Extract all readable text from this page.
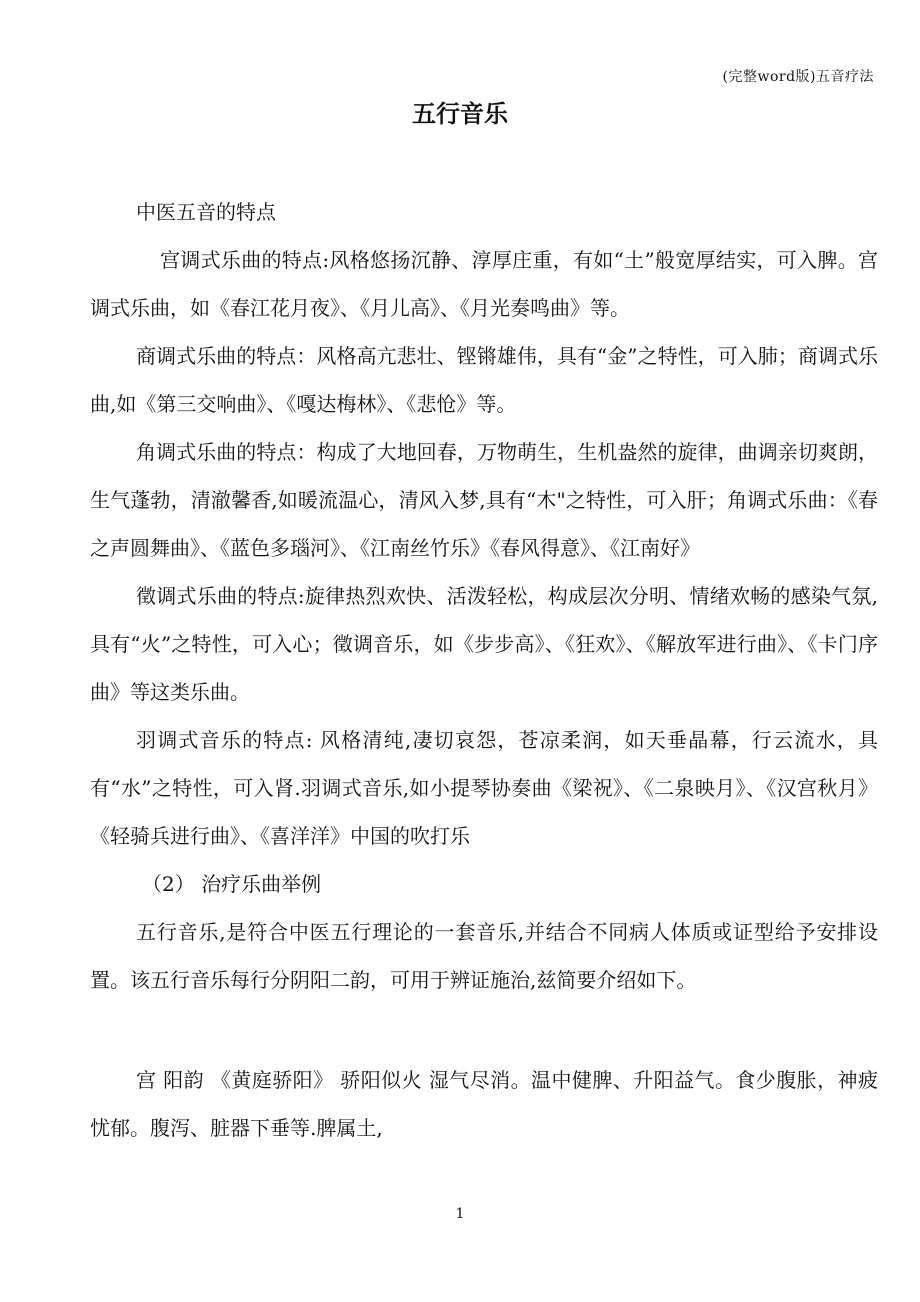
(完整word版)五音疗法
五行音乐

中医五音的特点

宫调式乐曲的特点:风格悠扬沉静、淳厚庄重，有如“土”般宽厚结实，可入脾。宫调式乐曲，如《春江花月夜》、《月儿高》、《月光奏鸣曲》等。

商调式乐曲的特点：风格高亢悲壮、铿锵雄伟，具有“金”之特性，可入肺；商调式乐曲,如《第三交响曲》、《嘎达梅林》、《悲怆》等。

角调式乐曲的特点：构成了大地回春，万物萌生，生机盎然的旋律，曲调亲切爽朗，生气蓬勃，清澈馨香,如暖流温心，清风入梦,具有“木"之特性，可入肝；角调式乐曲：《春之声圆舞曲》、《蓝色多瑙河》、《江南丝竹乐》《春风得意》、《江南好》

徵调式乐曲的特点:旋律热烈欢快、活泼轻松，构成层次分明、情绪欢畅的感染气氛,具有“火”之特性，可入心；徵调音乐，如《步步高》、《狂欢》、《解放军进行曲》、《卡门序曲》等这类乐曲。

羽调式音乐的特点: 风格清纯,凄切哀怨，苍凉柔润，如天垂晶幕，行云流水，具有“水”之特性，可入肾.羽调式音乐,如小提琴协奏曲《梁祝》、《二泉映月》、《汉宫秋月》《轻骑兵进行曲》、《喜洋洋》中国的吹打乐

（2） 治疗乐曲举例

五行音乐,是符合中医五行理论的一套音乐,并结合不同病人体质或证型给予安排设置。该五行音乐每行分阴阳二韵，可用于辨证施治,兹简要介绍如下。

宫 阳韵 《黄庭骄阳》 骄阳似火 湿气尽消。温中健脾、升阳益气。食少腹胀，神疲忧郁。腹泻、脏器下垂等.脾属土,

1
